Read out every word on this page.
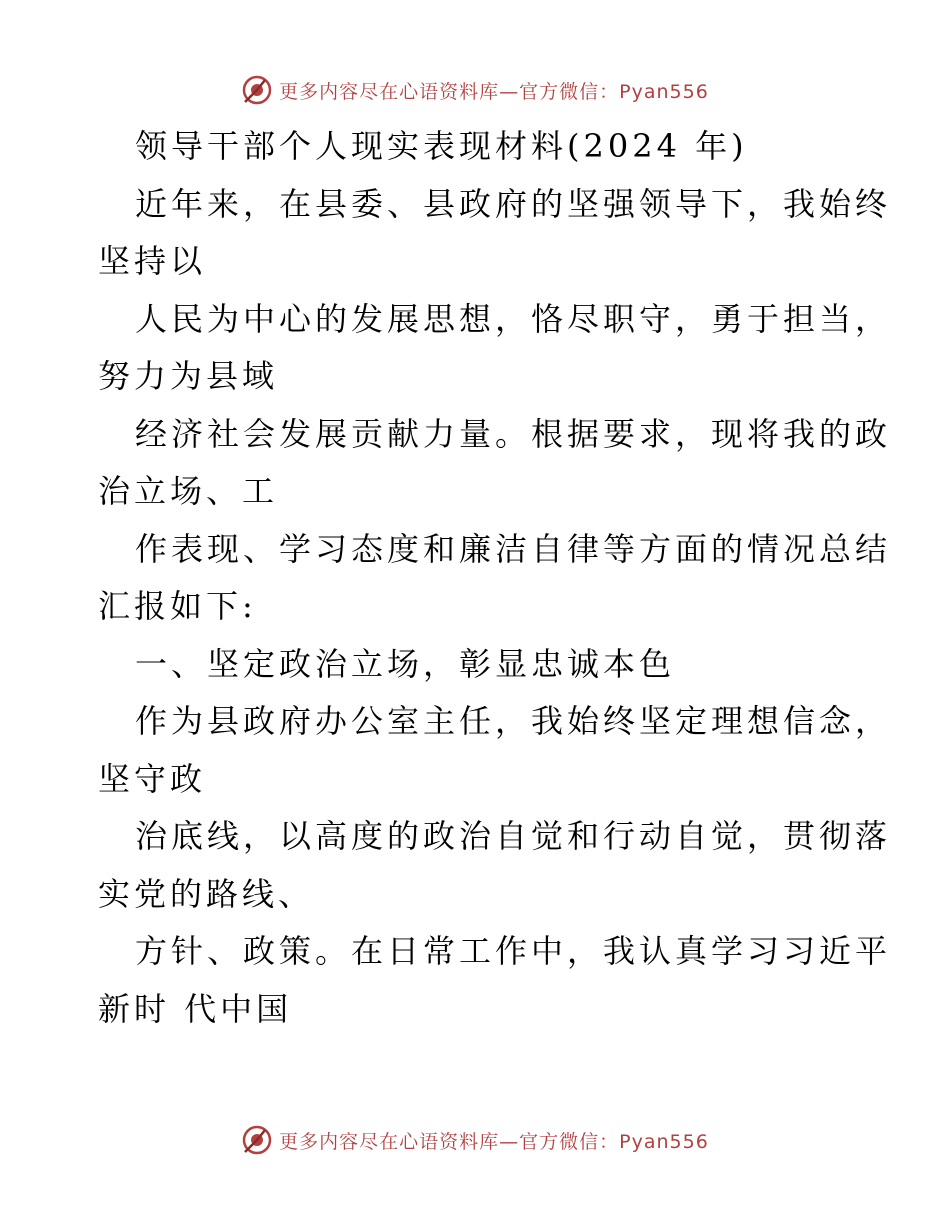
更多内容尽在心语资料库—官方微信：Pyan556
领导干部个人现实表现材料(2024 年)
近年来，在县委、县政府的坚强领导下，我始终
坚持以
人民为中心的发展思想，恪尽职守，勇于担当，
努力为县域
经济社会发展贡献力量。根据要求，现将我的政
治立场、工
作表现、学习态度和廉洁自律等方面的情况总结
汇报如下:
一、坚定政治立场，彰显忠诚本色
作为县政府办公室主任，我始终坚定理想信念，
坚守政
治底线，以高度的政治自觉和行动自觉，贯彻落
实党的路线、
方针、政策。在日常工作中，我认真学习习近平
新时 代中国
更多内容尽在心语资料库—官方微信：Pyan556
